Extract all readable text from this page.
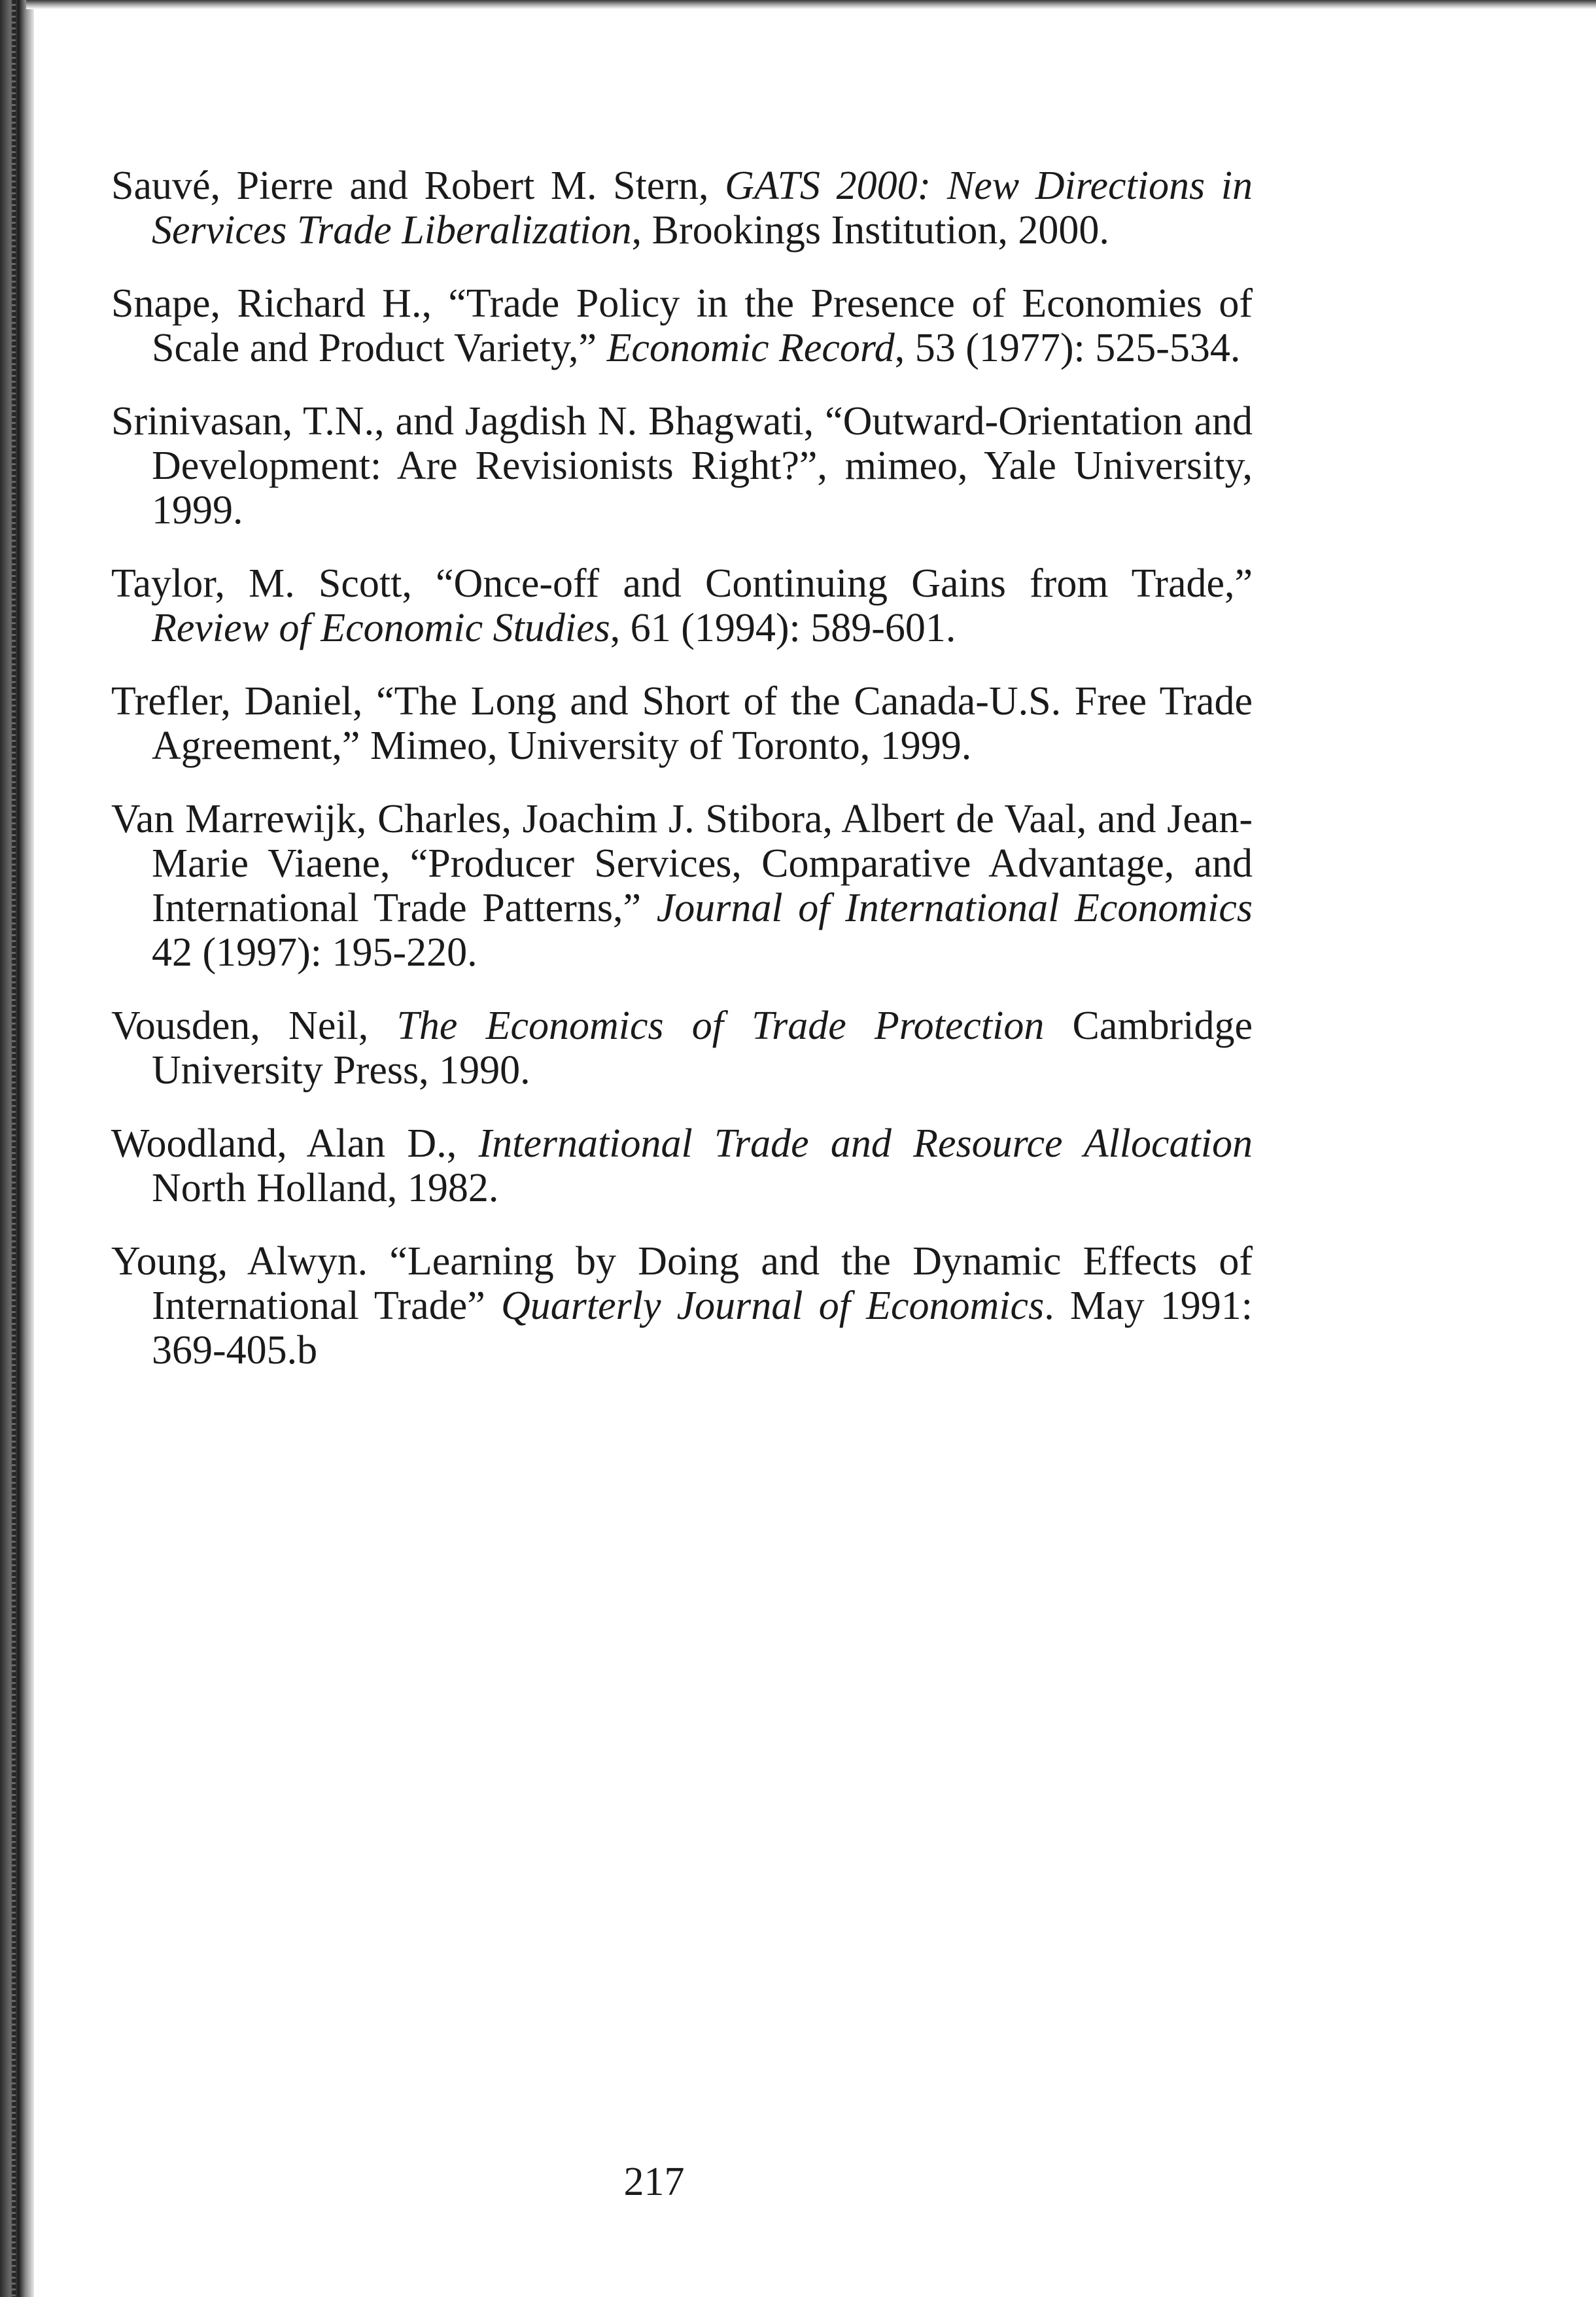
Sauvé, Pierre and Robert M. Stern, GATS 2000: New Directions in Services Trade Liberalization, Brookings Institution, 2000.

Snape, Richard H., “Trade Policy in the Presence of Economies of Scale and Product Variety,” Economic Record, 53 (1977): 525-534.

Srinivasan, T.N., and Jagdish N. Bhagwati, “Outward-Orientation and Development: Are Revisionists Right?”, mimeo, Yale University, 1999.

Taylor, M. Scott, “Once-off and Continuing Gains from Trade,” Review of Economic Studies, 61 (1994): 589-601.

Trefler, Daniel, “The Long and Short of the Canada-U.S. Free Trade Agreement,” Mimeo, University of Toronto, 1999.

Van Marrewijk, Charles, Joachim J. Stibora, Albert de Vaal, and Jean-Marie Viaene, “Producer Services, Comparative Advantage, and International Trade Patterns,” Journal of International Economics 42 (1997): 195-220.

Vousden, Neil, The Economics of Trade Protection Cambridge University Press, 1990.

Woodland, Alan D., International Trade and Resource Allocation North Holland, 1982.

Young, Alwyn. “Learning by Doing and the Dynamic Effects of International Trade” Quarterly Journal of Economics. May 1991: 369-405.b

217
